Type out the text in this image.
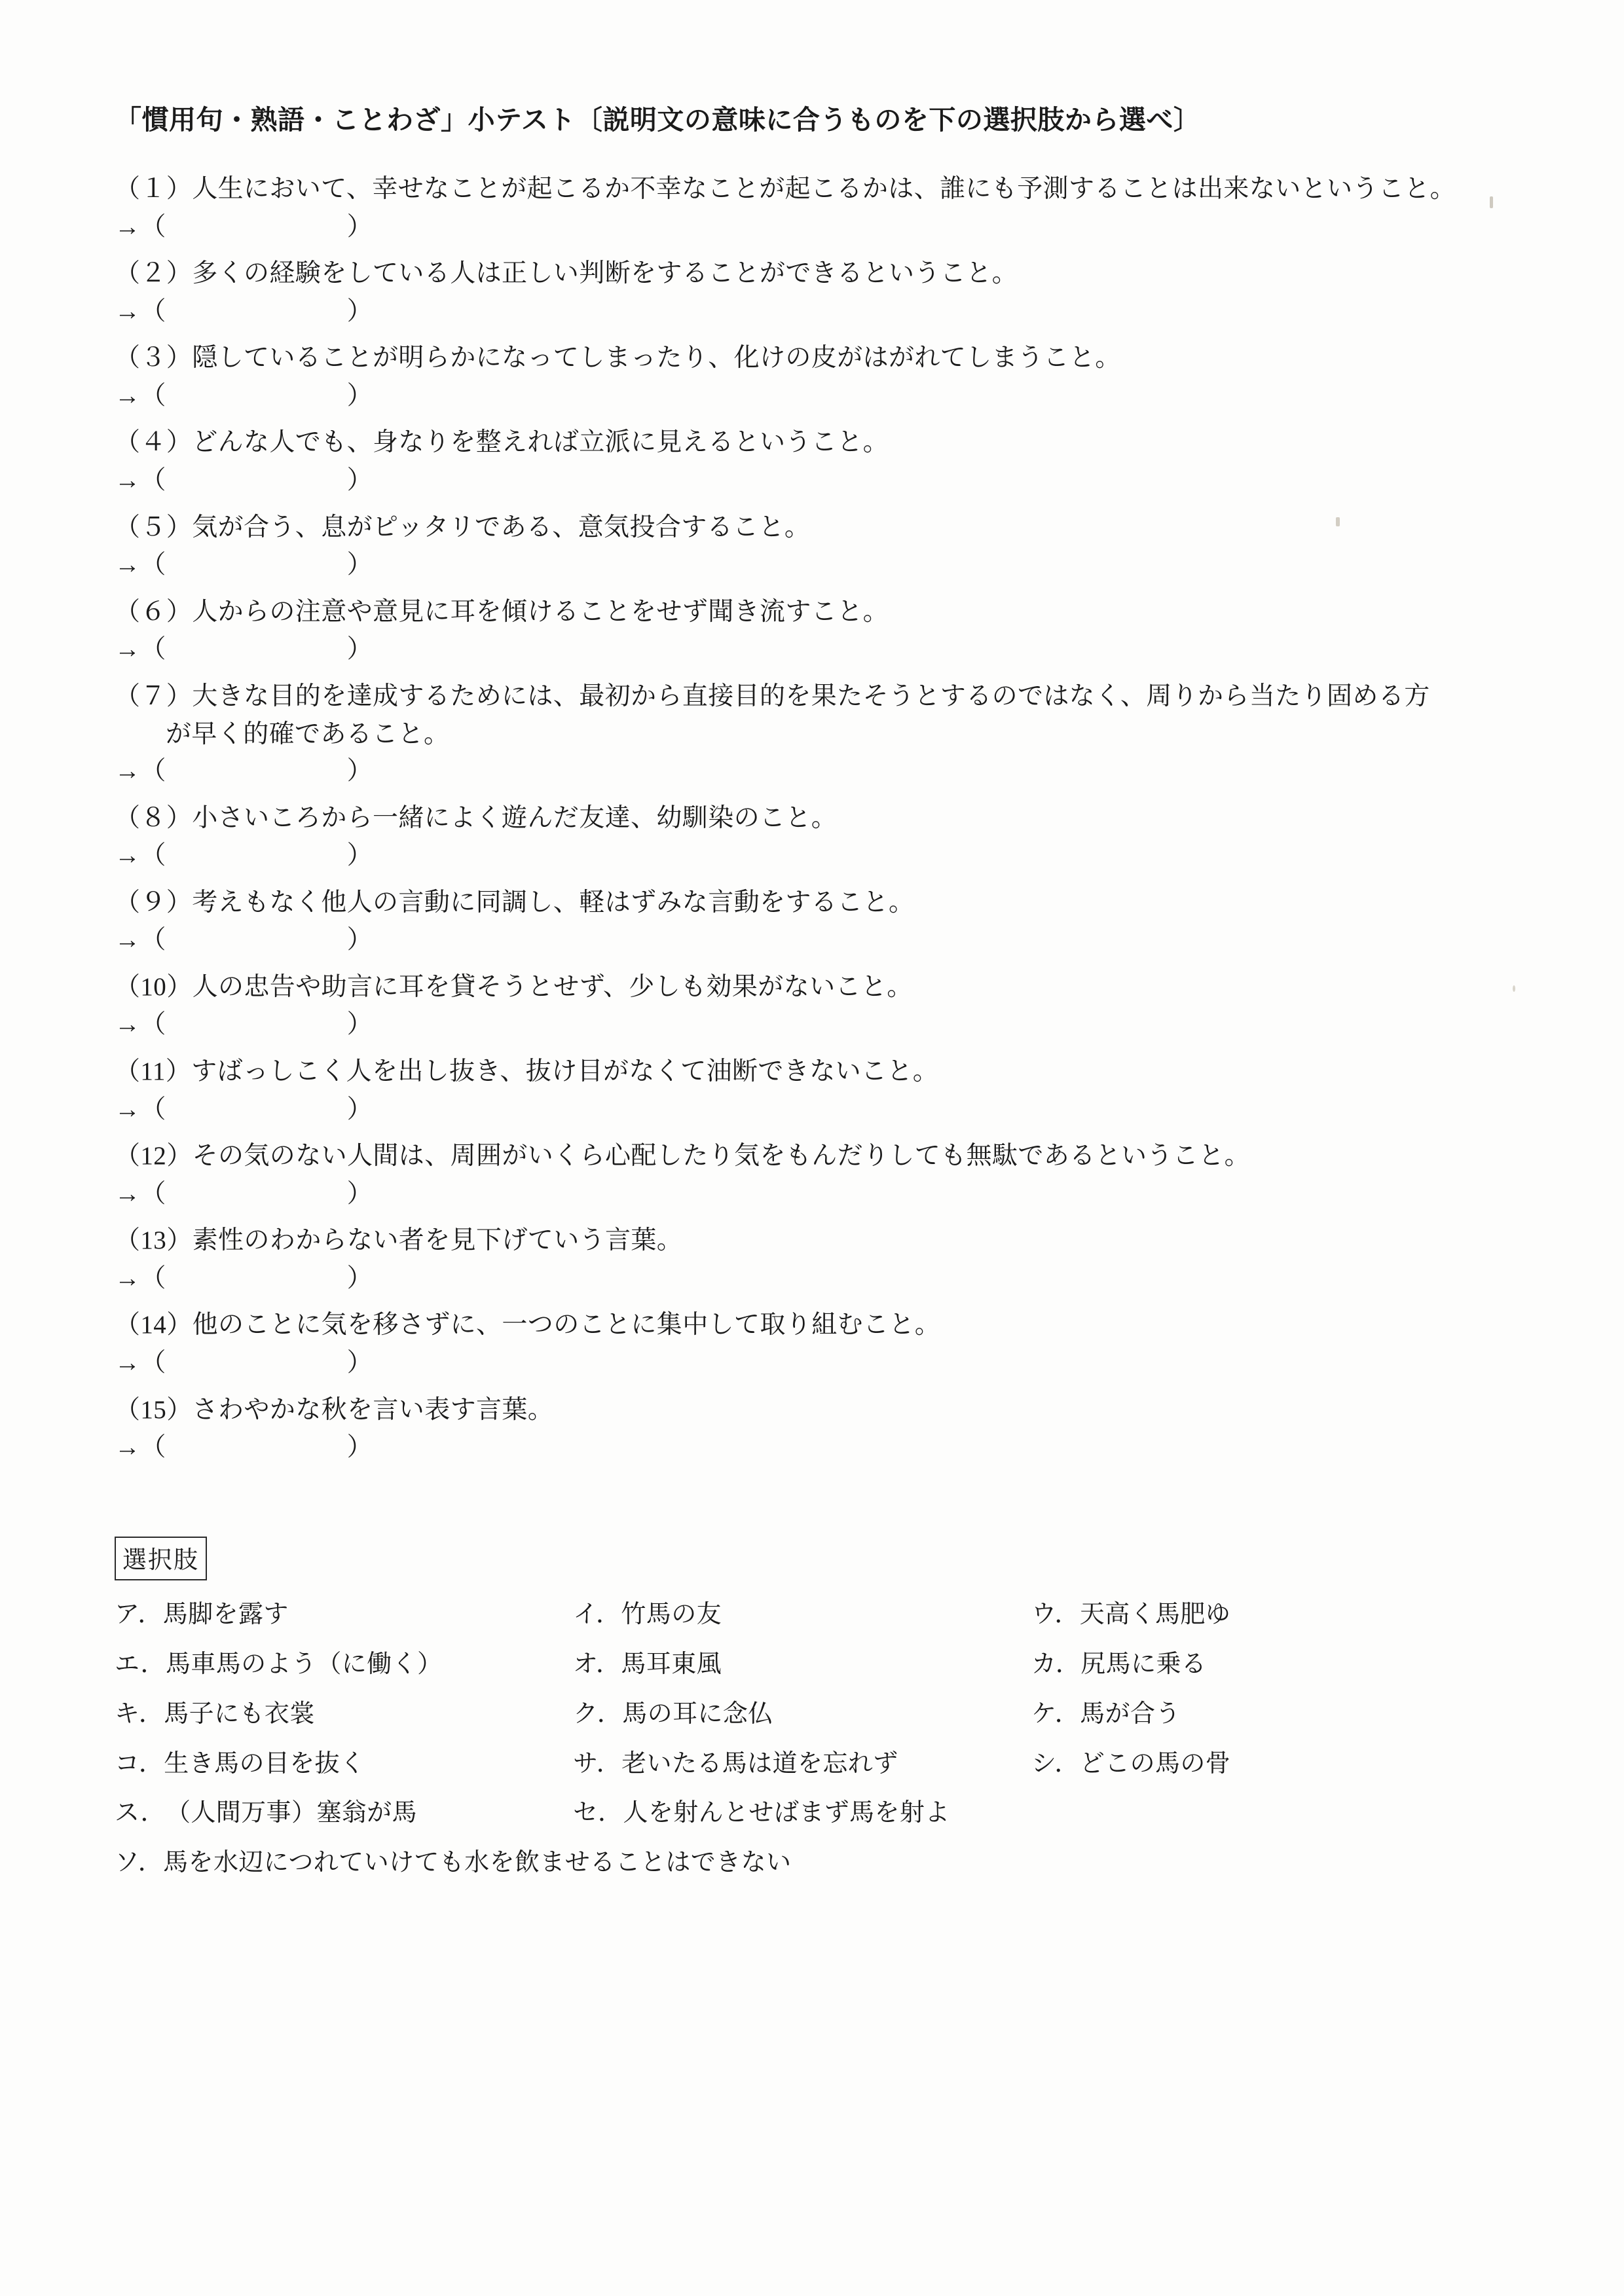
「慣用句・熟語・ことわざ」小テスト〔説明文の意味に合うものを下の選択肢から選べ〕

（１）人生において、幸せなことが起こるか不幸なことが起こるかは、誰にも予測することは出来ないということ。

→（　　　　　　　）

（２）多くの経験をしている人は正しい判断をすることができるということ。

→（　　　　　　　）

（３）隠していることが明らかになってしまったり、化けの皮がはがれてしまうこと。

→（　　　　　　　）

（４）どんな人でも、身なりを整えれば立派に見えるということ。

→（　　　　　　　）

（５）気が合う、息がピッタリである、意気投合すること。

→（　　　　　　　）

（６）人からの注意や意見に耳を傾けることをせず聞き流すこと。

→（　　　　　　　）

（７）大きな目的を達成するためには、最初から直接目的を果たそうとするのではなく、周りから当たり固める方

が早く的確であること。

→（　　　　　　　）

（８）小さいころから一緒によく遊んだ友達、幼馴染のこと。

→（　　　　　　　）

（９）考えもなく他人の言動に同調し、軽はずみな言動をすること。

→（　　　　　　　）

（10）人の忠告や助言に耳を貸そうとせず、少しも効果がないこと。

→（　　　　　　　）

（11）すばっしこく人を出し抜き、抜け目がなくて油断できないこと。

→（　　　　　　　）

（12）その気のない人間は、周囲がいくら心配したり気をもんだりしても無駄であるということ。

→（　　　　　　　）

（13）素性のわからない者を見下げていう言葉。

→（　　　　　　　）

（14）他のことに気を移さずに、一つのことに集中して取り組むこと。

→（　　　　　　　）

（15）さわやかな秋を言い表す言葉。

→（　　　　　　　）

選択肢
ア．馬脚を露す	イ．竹馬の友	ウ．天高く馬肥ゆ
エ．馬車馬のよう（に働く）	オ．馬耳東風	カ．尻馬に乗る
キ．馬子にも衣裳	ク．馬の耳に念仏	ケ．馬が合う
コ．生き馬の目を抜く	サ．老いたる馬は道を忘れず	シ．どこの馬の骨
ス．（人間万事）塞翁が馬	セ．人を射んとせばまず馬を射よ
ソ．馬を水辺につれていけても水を飲ませることはできない
